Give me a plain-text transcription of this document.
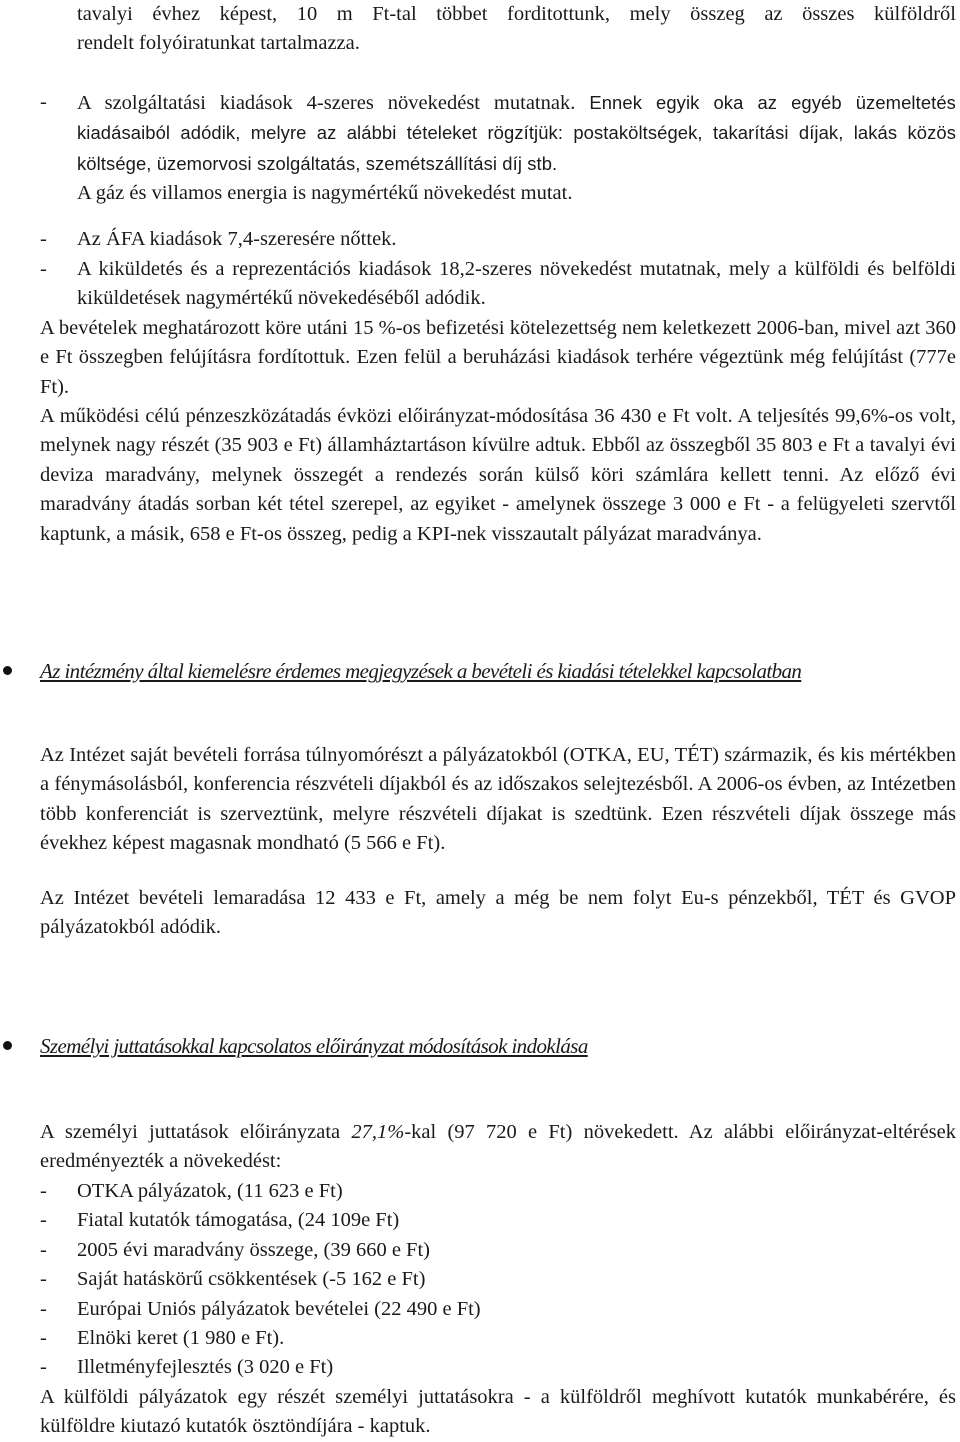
tavalyi évhez képest, 10 m Ft-tal többet forditottunk, mely összeg az összes külföldről

rendelt folyóiratunkat tartalmazza.

- A szolgáltatási kiadások 4-szeres növekedést mutatnak. Ennek egyik oka az egyéb üzemeltetés kiadásaiból adódik, melyre az alábbi tételeket rögzítjük: postaköltségek, takarítási díjak, lakás közös költsége, üzemorvosi szolgáltatás, szemétszállítási díj stb.

A gáz és villamos energia is nagymértékű növekedést mutat.

- Az ÁFA kiadások 7,4-szeresére nőttek.
- A kiküldetés és a reprezentációs kiadások 18,2-szeres növekedést mutatnak, mely a külföldi és belföldi kiküldetések nagymértékű növekedéséből adódik.

A bevételek meghatározott köre utáni 15 %-os befizetési kötelezettség nem keletkezett 2006-ban, mivel azt 360 e Ft összegben felújításra fordítottuk. Ezen felül a beruházási kiadások terhére végeztünk még felújítást (777e Ft).

A működési célú pénzeszközátadás évközi előirányzat-módosítása 36 430 e Ft volt. A teljesítés 99,6%-os volt, melynek nagy részét (35 903 e Ft) államháztartáson kívülre adtuk. Ebből az összegből 35 803 e Ft a tavalyi évi deviza maradvány, melynek összegét a rendezés során külső köri számlára kellett tenni. Az előző évi maradvány átadás sorban két tétel szerepel, az egyiket - amelynek összege 3 000 e Ft - a felügyeleti szervtől kaptunk, a másik, 658 e Ft-os összeg, pedig a KPI-nek visszautalt pályázat maradványa.

Az intézmény által kiemelésre érdemes megjegyzések a bevételi és kiadási tételekkel kapcsolatban

Az Intézet saját bevételi forrása túlnyomórészt a pályázatokból (OTKA, EU, TÉT) származik, és kis mértékben a fénymásolásból, konferencia részvételi díjakból és az időszakos selejtezésből. A 2006-os évben, az Intézetben több konferenciát is szerveztünk, melyre részvételi díjakat is szedtünk. Ezen részvételi díjak összege más évekhez képest magasnak mondható (5 566 e Ft).

Az Intézet bevételi lemaradása 12 433 e Ft, amely a még be nem folyt Eu-s pénzekből, TÉT és GVOP pályázatokból adódik.

Személyi juttatásokkal kapcsolatos előirányzat módosítások indoklása

A személyi juttatások előirányzata 27,1%-kal (97 720 e Ft) növekedett. Az alábbi előirányzat-eltérések eredményezték a növekedést:

- OTKA pályázatok, (11 623 e Ft)
- Fiatal kutatók támogatása, (24 109e Ft)
- 2005 évi maradvány összege, (39 660 e Ft)
- Saját hatáskörű csökkentések (-5 162 e Ft)
- Európai Uniós pályázatok bevételei (22 490 e Ft)
- Elnöki keret (1 980 e Ft).
- Illetményfejlesztés (3 020 e Ft)

A külföldi pályázatok egy részét személyi juttatásokra - a külföldről meghívott kutatók munkabérére, és külföldre kiutazó kutatók ösztöndíjára - kaptuk.
